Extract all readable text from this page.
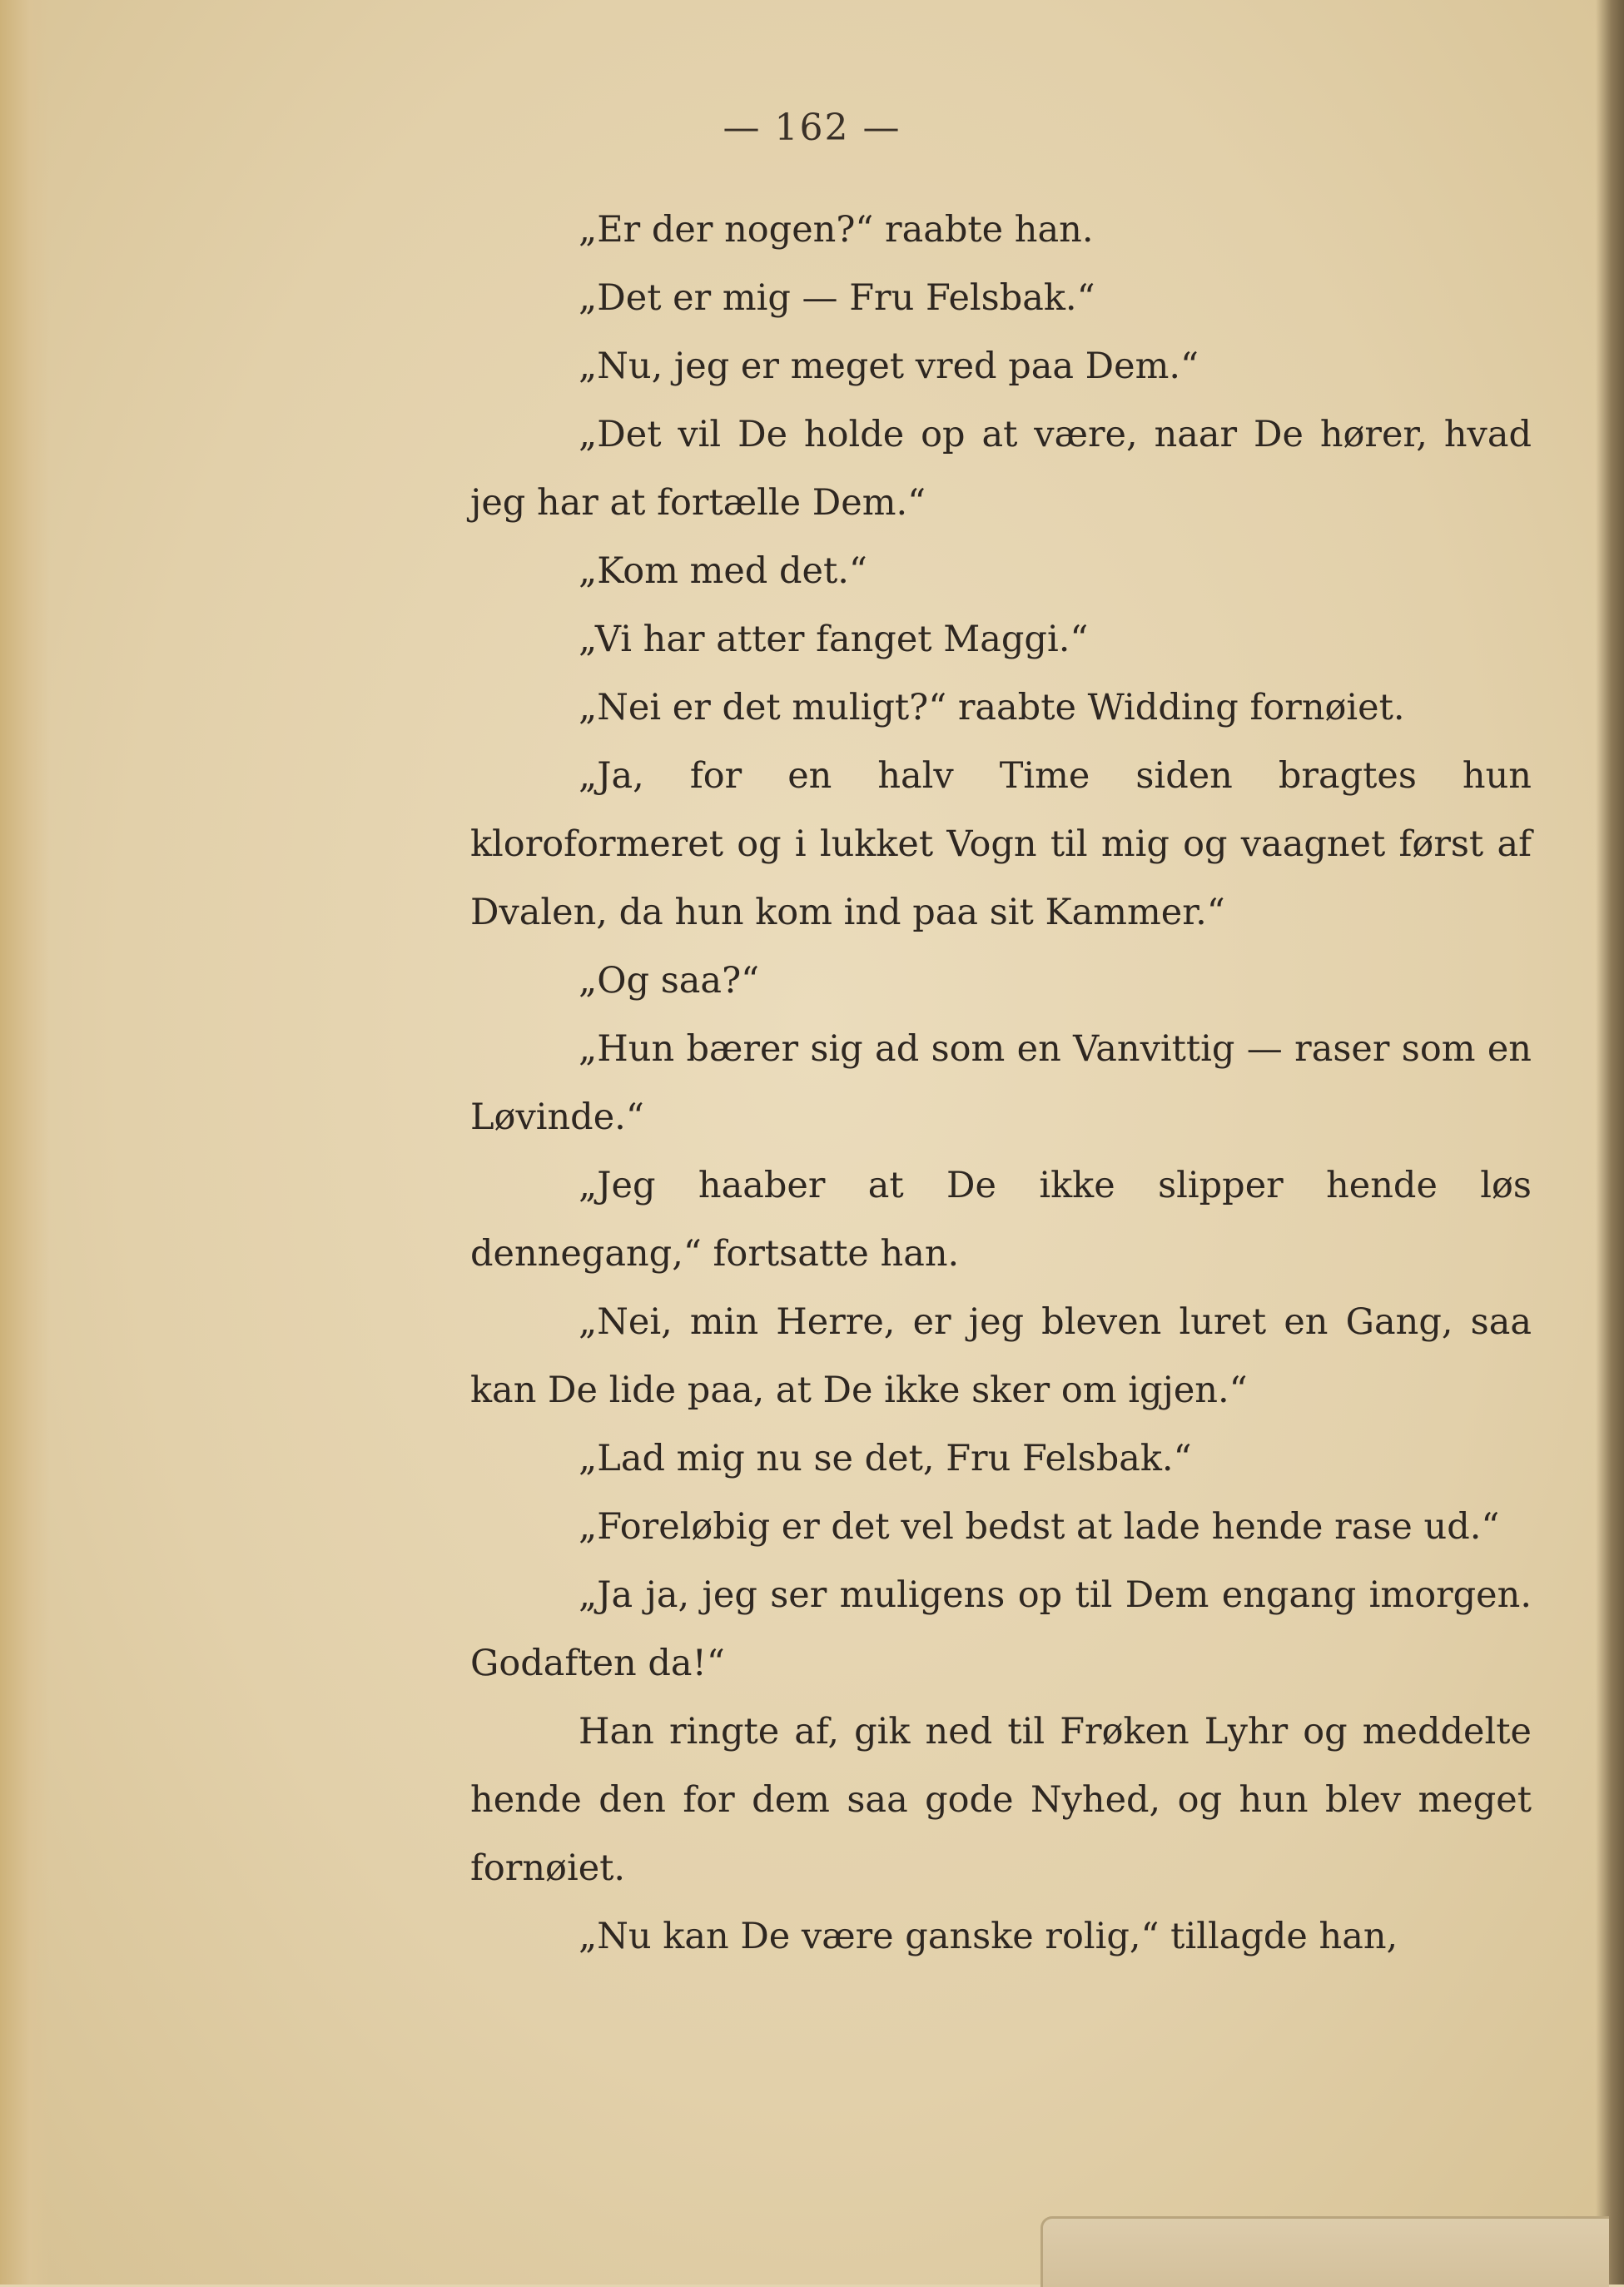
— 162 —

„Er der nogen?“ raabte han.

„Det er mig — Fru Felsbak.“

„Nu, jeg er meget vred paa Dem.“

„Det vil De holde op at være, naar De hører, hvad jeg har at fortælle Dem.“

„Kom med det.“

„Vi har atter fanget Maggi.“

„Nei er det muligt?“ raabte Widding fornøiet.

„Ja, for en halv Time siden bragtes hun kloroformeret og i lukket Vogn til mig og vaagnet først af Dvalen, da hun kom ind paa sit Kammer.“

„Og saa?“

„Hun bærer sig ad som en Vanvittig — raser som en Løvinde.“

„Jeg haaber at De ikke slipper hende løs dennegang,“ fortsatte han.

„Nei, min Herre, er jeg bleven luret en Gang, saa kan De lide paa, at De ikke sker om igjen.“

„Lad mig nu se det, Fru Felsbak.“

„Foreløbig er det vel bedst at lade hende rase ud.“

„Ja ja, jeg ser muligens op til Dem engang imorgen. Godaften da!“

Han ringte af, gik ned til Frøken Lyhr og meddelte hende den for dem saa gode Nyhed, og hun blev meget fornøiet.

„Nu kan De være ganske rolig,“ tillagde han,
